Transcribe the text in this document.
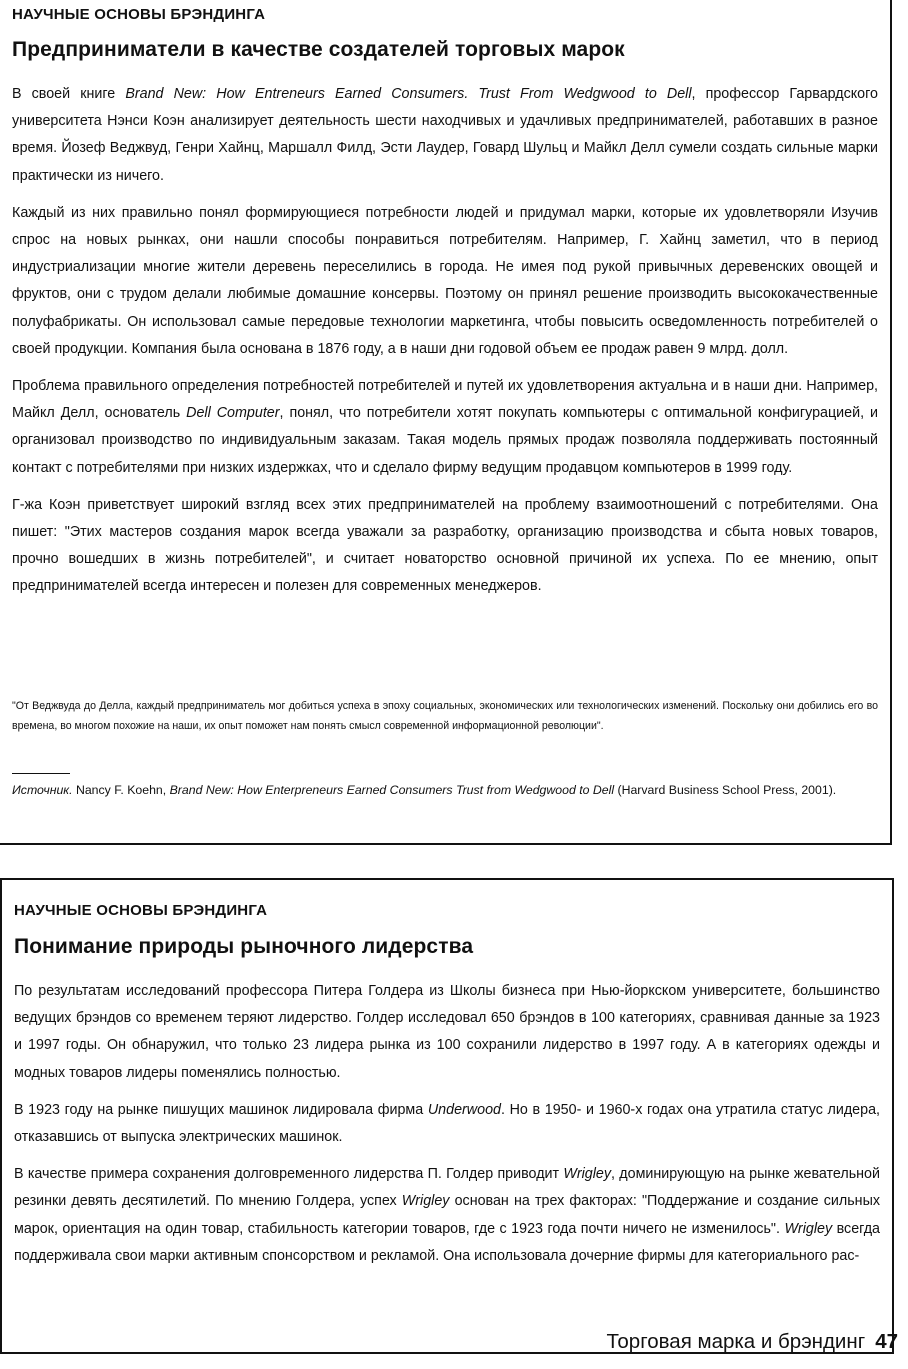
НАУЧНЫЕ ОСНОВЫ БРЭНДИНГА
Предприниматели в качестве создателей торговых марок

В своей книге Brand New: How Entreneurs Earned Consumers. Trust From Wedgwood to Dell, профессор Гарвардского университета Нэнси Коэн анализирует деятельность шести находчивых и удачливых предпринимателей, работавших в разное время. Йозеф Веджвуд, Генри Хайнц, Маршалл Филд, Эсти Лаудер, Говард Шульц и Майкл Делл сумели создать сильные марки практически из ничего.

Каждый из них правильно понял формирующиеся потребности людей и придумал марки, которые их удовлетворяли Изучив спрос на новых рынках, они нашли способы понравиться потребителям. Например, Г. Хайнц заметил, что в период индустриализации многие жители деревень переселились в города. Не имея под рукой привычных деревенских овощей и фруктов, они с трудом делали любимые домашние консервы. Поэтому он принял решение производить высококачественные полуфабрикаты. Он использовал самые передовые технологии маркетинга, чтобы повысить осведомленность потребителей о своей продукции. Компания была основана в 1876 году, а в наши дни годовой объем ее продаж равен 9 млрд. долл.

Проблема правильного определения потребностей потребителей и путей их удовлетворения актуальна и в наши дни. Например, Майкл Делл, основатель Dell Computer, понял, что потребители хотят покупать компьютеры с оптимальной конфигурацией, и организовал производство по индивидуальным заказам. Такая модель прямых продаж позволяла поддерживать постоянный контакт с потребителями при низких издержках, что и сделало фирму ведущим продавцом компьютеров в 1999 году.

Г-жа Коэн приветствует широкий взгляд всех этих предпринимателей на проблему взаимоотношений с потребителями. Она пишет: "Этих мастеров создания марок всегда уважали за разработку, организацию производства и сбыта новых товаров, прочно вошедших в жизнь потребителей", и считает новаторство основной причиной их успеха. По ее мнению, опыт предпринимателей всегда интересен и полезен для современных менеджеров.

"От Веджвуда до Делла, каждый предприниматель мог добиться успеха в эпоху социальных, экономических или технологических изменений. Поскольку они добились его во времена, во многом похожие на наши, их опыт поможет нам понять смысл современной информационной революции".
Источник. Nancy F. Koehn, Brand New: How Enterpreneurs Earned Consumers Trust from Wedgwood to Dell (Harvard Business School Press, 2001).
НАУЧНЫЕ ОСНОВЫ БРЭНДИНГА
Понимание природы рыночного лидерства

По результатам исследований профессора Питера Голдера из Школы бизнеса при Нью-йоркском университете, большинство ведущих брэндов со временем теряют лидерство. Голдер исследовал 650 брэндов в 100 категориях, сравнивая данные за 1923 и 1997 годы. Он обнаружил, что только 23 лидера рынка из 100 сохранили лидерство в 1997 году. А в категориях одежды и модных товаров лидеры поменялись полностью.

В 1923 году на рынке пишущих машинок лидировала фирма Underwood. Но в 1950- и 1960-х годах она утратила статус лидера, отказавшись от выпуска электрических машинок.

В качестве примера сохранения долговременного лидерства П. Голдер приводит Wrigley, доминирующую на рынке жевательной резинки девять десятилетий. По мнению Голдера, успех Wrigley основан на трех факторах: "Поддержание и создание сильных марок, ориентация на один товар, стабильность категории товаров, где с 1923 года почти ничего не изменилось". Wrigley всегда поддерживала свои марки активным спонсорством и рекламой. Она использовала дочерние фирмы для категориального рас-

Торговая марка и брэндинг 47
